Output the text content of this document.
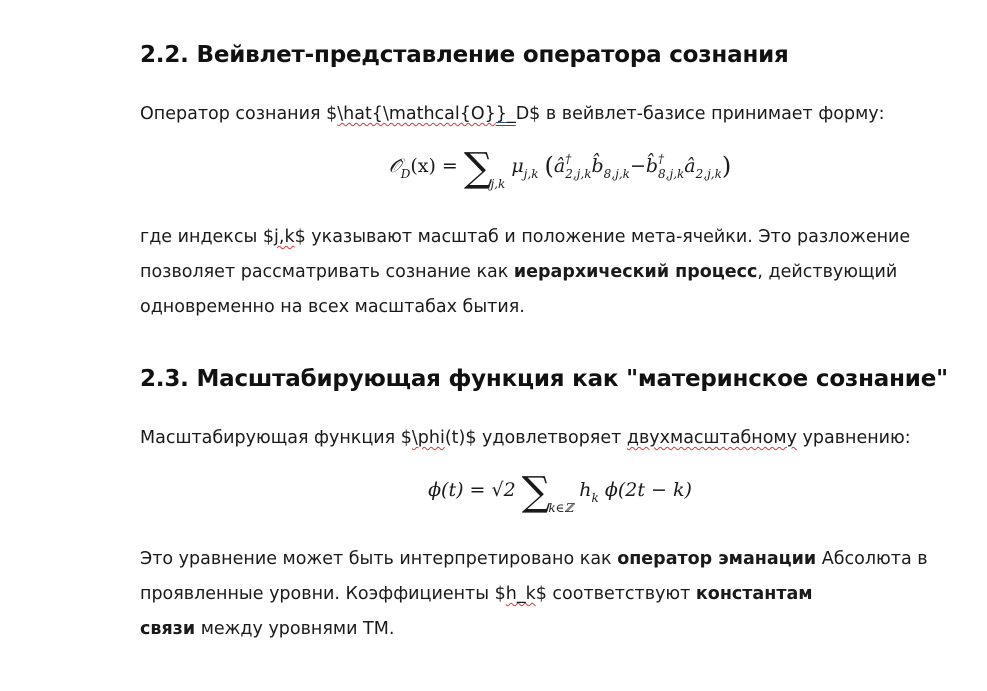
2.2. Вейвлет-представление оператора сознания
Оператор сознания $\hat{\mathcal{O}}_D$ в вейвлет-базисе принимает форму:
$𝒪̂_D(x) = \sum_{j,k}$ $\mu_{j,k}$ $(â^\dagger_{2,j,k}b̂_{8,j,k}-b̂^\dagger_{8,j,k}â_{2,j,k})$
где индексы $j,k$ указывают масштаб и положение мета-ячейки. Это разложение
позволяет рассматривать сознание как иерархический процесс, действующий
одновременно на всех масштабах бытия.
2.3. Масштабирующая функция как "материнское сознание"
Масштабирующая функция $\phi(t)$ удовлетворяет двухмасштабному уравнению:
ϕ(t) = √2 $\sum_{k\in ℤ}$ $h_k$ ϕ(2t − k)
Это уравнение может быть интерпретировано как оператор эманации Абсолюта в
проявленные уровни. Коэффициенты $h_k$ соответствуют константам
связи между уровнями ТМ.
